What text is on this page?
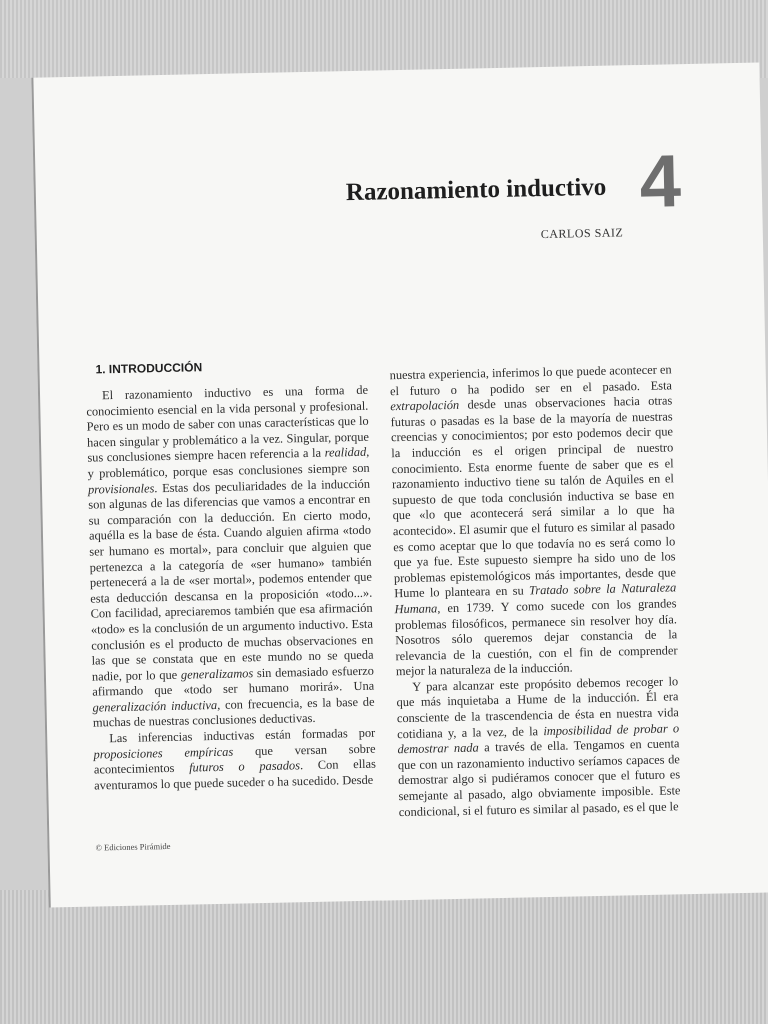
Razonamiento inductivo 4
CARLOS SAIZ
1. INTRODUCCIÓN

El razonamiento inductivo es una forma de conocimiento esencial en la vida personal y profesional. Pero es un modo de saber con unas características que lo hacen singular y problemático a la vez. Singular, porque sus conclusiones siempre hacen referencia a la realidad, y problemático, porque esas conclusiones siempre son provisionales. Estas dos peculiaridades de la inducción son algunas de las diferencias que vamos a encontrar en su comparación con la deducción. En cierto modo, aquélla es la base de ésta. Cuando alguien afirma «todo ser humano es mortal», para concluir que alguien que pertenezca a la categoría de «ser humano» también pertenecerá a la de «ser mortal», podemos entender que esta deducción descansa en la proposición «todo...». Con facilidad, apreciaremos también que esa afirmación «todo» es la conclusión de un argumento inductivo. Esta conclusión es el producto de muchas observaciones en las que se constata que en este mundo no se queda nadie, por lo que generalizamos sin demasiado esfuerzo afirmando que «todo ser humano morirá». Una generalización inductiva, con frecuencia, es la base de muchas de nuestras conclusiones deductivas.

Las inferencias inductivas están formadas por proposiciones empíricas que versan sobre acontecimientos futuros o pasados. Con ellas aventuramos lo que puede suceder o ha sucedido. Desde

nuestra experiencia, inferimos lo que puede acontecer en el futuro o ha podido ser en el pasado. Esta extrapolación desde unas observaciones hacia otras futuras o pasadas es la base de la mayoría de nuestras creencias y conocimientos; por esto podemos decir que la inducción es el origen principal de nuestro conocimiento. Esta enorme fuente de saber que es el razonamiento inductivo tiene su talón de Aquiles en el supuesto de que toda conclusión inductiva se base en que «lo que acontecerá será similar a lo que ha acontecido». El asumir que el futuro es similar al pasado es como aceptar que lo que todavía no es será como lo que ya fue. Este supuesto siempre ha sido uno de los problemas epistemológicos más importantes, desde que Hume lo planteara en su Tratado sobre la Naturaleza Humana, en 1739. Y como sucede con los grandes problemas filosóficos, permanece sin resolver hoy día. Nosotros sólo queremos dejar constancia de la relevancia de la cuestión, con el fin de comprender mejor la naturaleza de la inducción.

Y para alcanzar este propósito debemos recoger lo que más inquietaba a Hume de la inducción. Él era consciente de la trascendencia de ésta en nuestra vida cotidiana y, a la vez, de la imposibilidad de probar o demostrar nada a través de ella. Tengamos en cuenta que con un razonamiento inductivo seríamos capaces de demostrar algo si pudiéramos conocer que el futuro es semejante al pasado, algo obviamente imposible. Este condicional, si el futuro es similar al pasado, es el que le

© Ediciones Pirámide
